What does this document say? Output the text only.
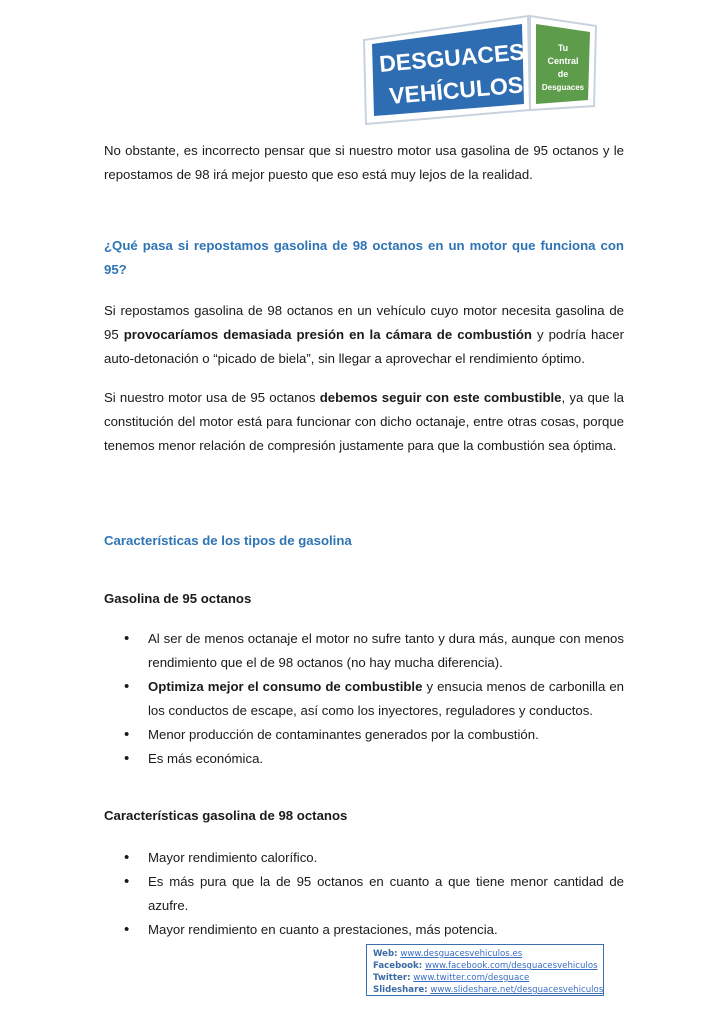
DESGUACES
VEHÍCULOS
Tu
Central
de
Desguaces

No obstante, es incorrecto pensar que si nuestro motor usa gasolina de 95 octanos y le repostamos de 98 irá mejor puesto que eso está muy lejos de la realidad.

¿Qué pasa si repostamos gasolina de 98 octanos en un motor que funciona con 95?

Si repostamos gasolina de 98 octanos en un vehículo cuyo motor necesita gasolina de 95 provocaríamos demasiada presión en la cámara de combustión y podría hacer auto-detonación o “picado de biela”, sin llegar a aprovechar el rendimiento óptimo.

Si nuestro motor usa de 95 octanos debemos seguir con este combustible, ya que la constitución del motor está para funcionar con dicho octanaje, entre otras cosas, porque tenemos menor relación de compresión justamente para que la combustión sea óptima.

Características de los tipos de gasolina
Gasolina de 95 octanos
• Al ser de menos octanaje el motor no sufre tanto y dura más, aunque con menos rendimiento que el de 98 octanos (no hay mucha diferencia).
• Optimiza mejor el consumo de combustible y ensucia menos de carbonilla en los conductos de escape, así como los inyectores, reguladores y conductos.
• Menor producción de contaminantes generados por la combustión.
• Es más económica.
Características gasolina de 98 octanos
• Mayor rendimiento calorífico.
• Es más pura que la de 95 octanos en cuanto a que tiene menor cantidad de azufre.
• Mayor rendimiento en cuanto a prestaciones, más potencia.
Web: www.desguacesvehiculos.es
Facebook: www.facebook.com/desguacesvehiculos
Twitter: www.twitter.com/desguace
Slideshare: www.slideshare.net/desguacesvehiculos
